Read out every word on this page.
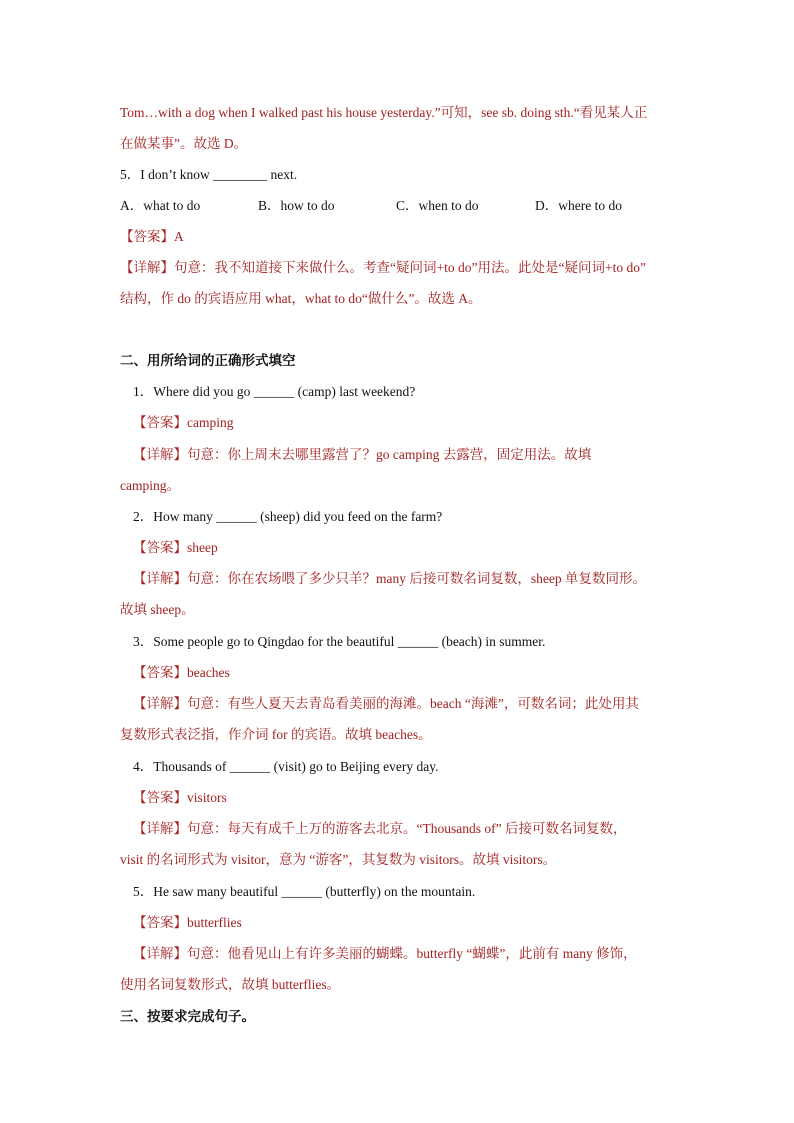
Tom…with a dog when I walked past his house yesterday.”可知，see sb. doing sth.“看见某人正
在做某事”。故选 D。
5．I don’t know ________ next.
A．what to do	B．how to do	C．when to do	D．where to do
【答案】A
【详解】句意：我不知道接下来做什么。考查“疑问词+to do”用法。此处是“疑问词+to do”
结构，作 do 的宾语应用 what，what to do“做什么”。故选 A。
二、用所给词的正确形式填空
1．Where did you go ______ (camp) last weekend?
【答案】camping
【详解】句意：你上周末去哪里露营了？go camping 去露营，固定用法。故填
camping。
2．How many ______ (sheep) did you feed on the farm?
【答案】sheep
【详解】句意：你在农场喂了多少只羊？many 后接可数名词复数，sheep 单复数同形。
故填 sheep。
3．Some people go to Qingdao for the beautiful ______ (beach) in summer.
【答案】beaches
【详解】句意：有些人夏天去青岛看美丽的海滩。beach “海滩”，可数名词；此处用其
复数形式表泛指，作介词 for 的宾语。故填 beaches。
4．Thousands of ______ (visit) go to Beijing every day.
【答案】visitors
【详解】句意：每天有成千上万的游客去北京。“Thousands of” 后接可数名词复数，
visit 的名词形式为 visitor，意为 “游客”，其复数为 visitors。故填 visitors。
5．He saw many beautiful ______ (butterfly) on the mountain.
【答案】butterflies
【详解】句意：他看见山上有许多美丽的蝴蝶。butterfly “蝴蝶”，此前有 many 修饰，
使用名词复数形式，故填 butterflies。
三、按要求完成句子。
